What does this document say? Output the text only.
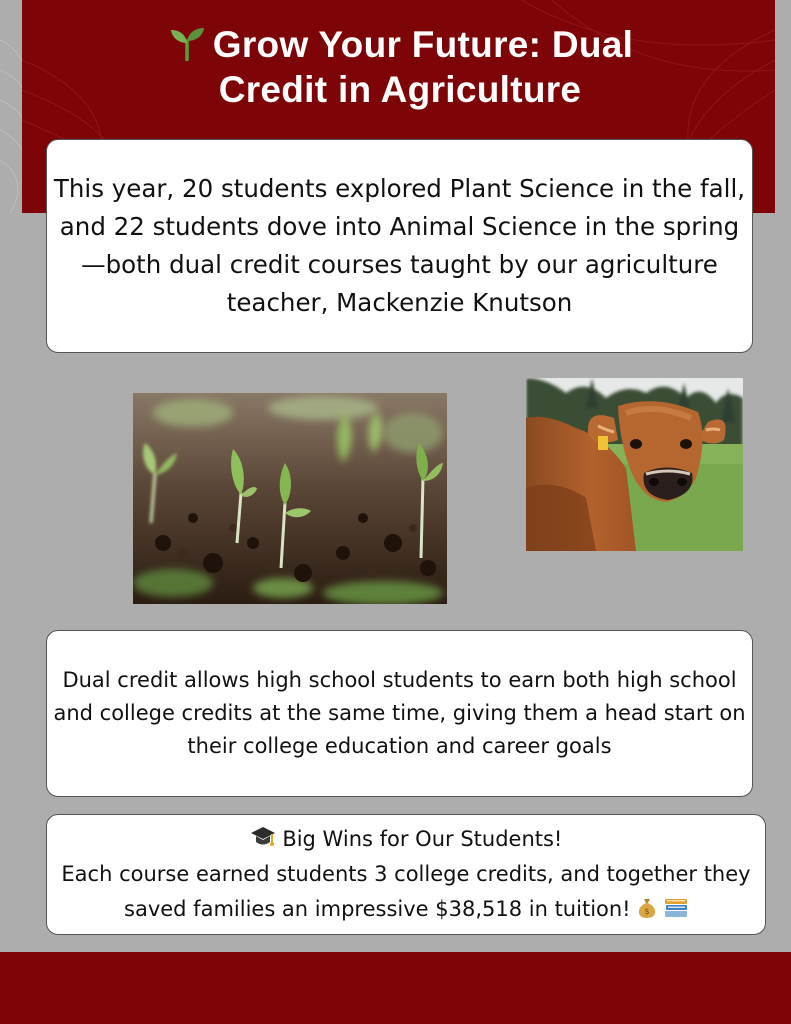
Grow Your Future: Dual
Credit in Agriculture
This year, 20 students explored Plant Science in the fall, and 22 students dove into Animal Science in the spring—both dual credit courses taught by our agriculture teacher, Mackenzie Knutson
Dual credit allows high school students to earn both high school and college credits at the same time, giving them a head start on their college education and career goals
Big Wins for Our Students!
Each course earned students 3 college credits, and together they saved families an impressive $38,518 in tuition! $
